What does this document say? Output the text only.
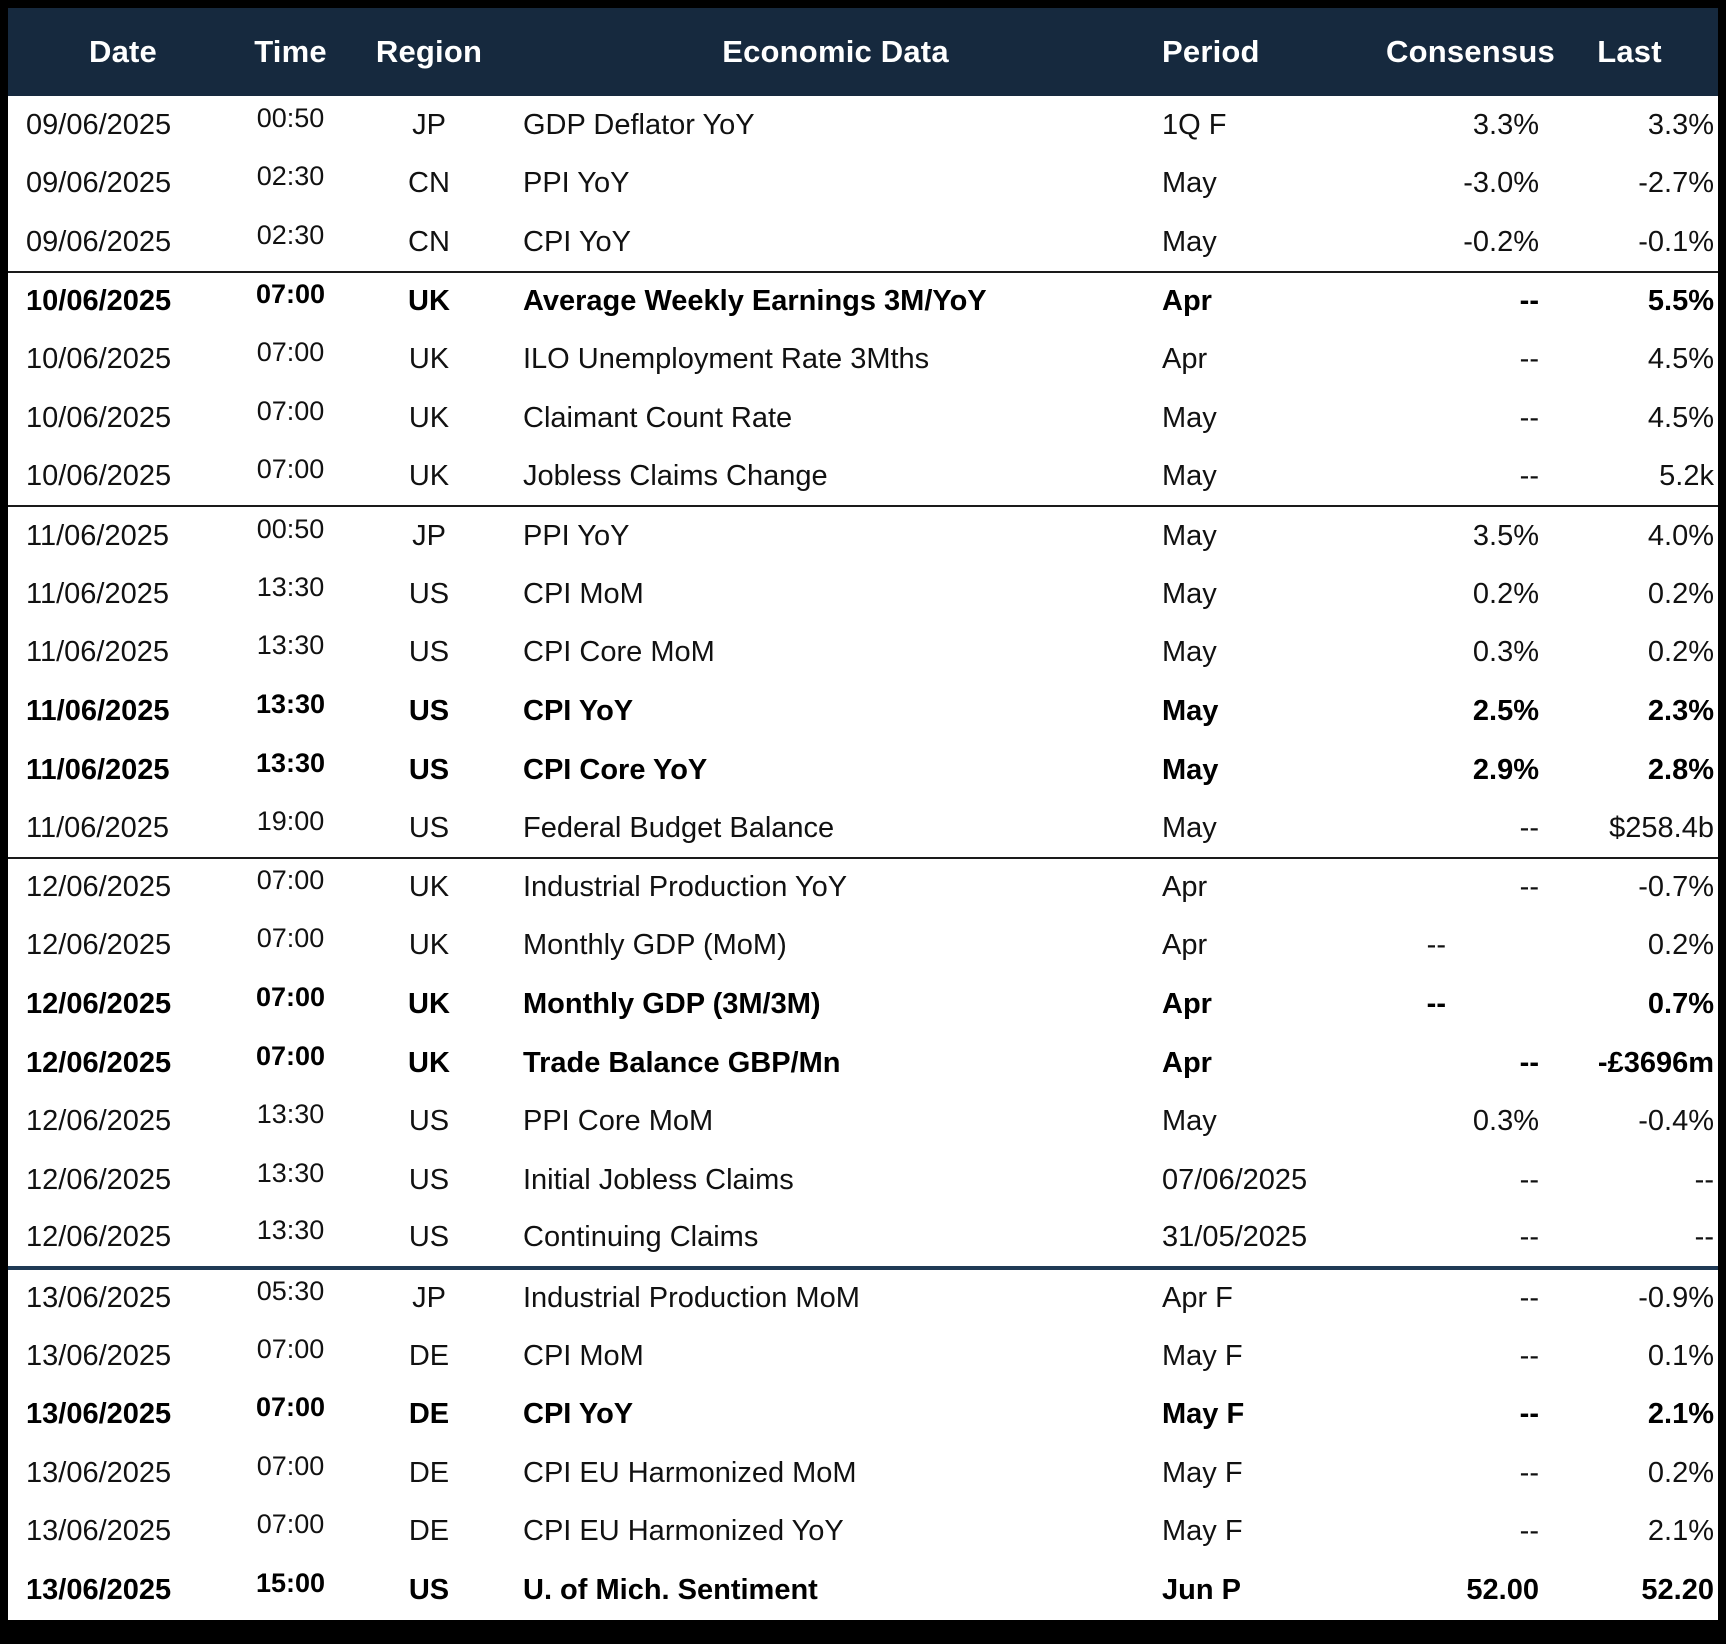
Date	Time	Region	Economic Data	Period	Consensus	Last
09/06/2025	00:50	JP	GDP Deflator YoY	1Q F	3.3%	3.3%
09/06/2025	02:30	CN	PPI YoY	May	-3.0%	-2.7%
09/06/2025	02:30	CN	CPI YoY	May	-0.2%	-0.1%
10/06/2025	07:00	UK	Average Weekly Earnings 3M/YoY	Apr	--	5.5%
10/06/2025	07:00	UK	ILO Unemployment Rate 3Mths	Apr	--	4.5%
10/06/2025	07:00	UK	Claimant Count Rate	May	--	4.5%
10/06/2025	07:00	UK	Jobless Claims Change	May	--	5.2k
11/06/2025	00:50	JP	PPI YoY	May	3.5%	4.0%
11/06/2025	13:30	US	CPI MoM	May	0.2%	0.2%
11/06/2025	13:30	US	CPI Core MoM	May	0.3%	0.2%
11/06/2025	13:30	US	CPI YoY	May	2.5%	2.3%
11/06/2025	13:30	US	CPI Core YoY	May	2.9%	2.8%
11/06/2025	19:00	US	Federal Budget Balance	May	--	$258.4b
12/06/2025	07:00	UK	Industrial Production YoY	Apr	--	-0.7%
12/06/2025	07:00	UK	Monthly GDP (MoM)	Apr	--	0.2%
12/06/2025	07:00	UK	Monthly GDP (3M/3M)	Apr	--	0.7%
12/06/2025	07:00	UK	Trade Balance GBP/Mn	Apr	--	-£3696m
12/06/2025	13:30	US	PPI Core MoM	May	0.3%	-0.4%
12/06/2025	13:30	US	Initial Jobless Claims	07/06/2025	--	--
12/06/2025	13:30	US	Continuing Claims	31/05/2025	--	--
13/06/2025	05:30	JP	Industrial Production MoM	Apr F	--	-0.9%
13/06/2025	07:00	DE	CPI MoM	May F	--	0.1%
13/06/2025	07:00	DE	CPI YoY	May F	--	2.1%
13/06/2025	07:00	DE	CPI EU Harmonized MoM	May F	--	0.2%
13/06/2025	07:00	DE	CPI EU Harmonized YoY	May F	--	2.1%
13/06/2025	15:00	US	U. of Mich. Sentiment	Jun P	52.00	52.20
